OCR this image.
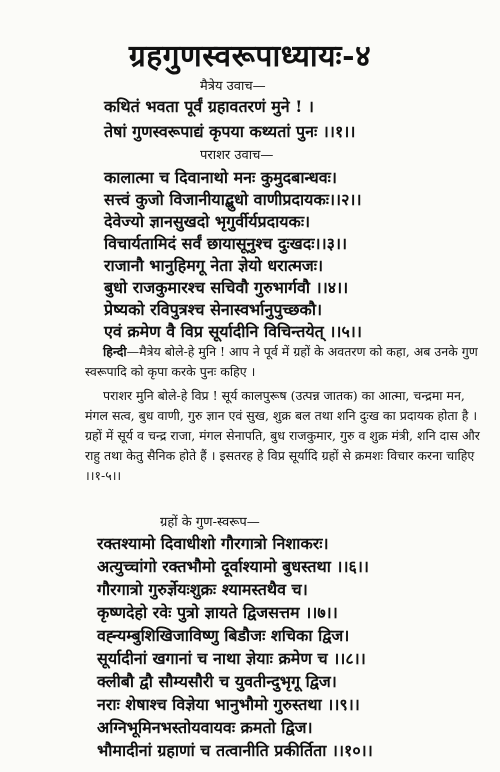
ग्रहगुणस्वरूपाध्यायः-४
मैत्रेय उवाच—
कथितं भवता पूर्वं ग्रहावतरणं मुने ! ।
तेषां गुणस्वरूपाद्यं कृपया कथ्यतां पुनः ।।१।।
पराशर उवाच—
कालात्मा च दिवानाथो मनः कुमुदबान्धवः।
सत्त्वं कुजो विजानीयाद्बुधो वाणीप्रदायकः।।२।।
देवेज्यो ज्ञानसुखदो भृगुर्वीर्यप्रदायकः।
विचार्यतामिदं सर्वं छायासूनुश्च दुःखदः।।३।।
राजानौ भानुहिमगू नेता ज्ञेयो धरात्मजः।
बुधो राजकुमारश्च सचिवौ गुरुभार्गवौ ।।४।।
प्रेष्यको रविपुत्रश्च सेनास्वर्भानुपुच्छकौ।
एवं क्रमेण वै विप्र सूर्यादीनि विचिन्तयेत् ।।५।।
हिन्दी—मैत्रेय बोले-हे मुनि ! आप ने पूर्व में ग्रहों के अवतरण को कहा, अब उनके गुण स्वरूपादि को कृपा करके पुनः कहिए ।
पराशर मुनि बोले-हे विप्र ! सूर्य कालपुरूष (उत्पन्न जातक) का आत्मा, चन्द्रमा मन, मंगल सत्व, बुध वाणी, गुरु ज्ञान एवं सुख, शुक्र बल तथा शनि दुःख का प्रदायक होता है । ग्रहों में सूर्य व चन्द्र राजा, मंगल सेनापति, बुध राजकुमार, गुरु व शुक्र मंत्री, शनि दास और राहु तथा केतु सैनिक होते हैं । इसतरह हे विप्र सूर्यादि ग्रहों से क्रमशः विचार करना चाहिए ।।१-५।।
ग्रहों के गुण-स्वरूप—
रक्तश्यामो दिवाधीशो गौरगात्रो निशाकरः।
अत्युच्चांगो रक्तभौमो दूर्वाश्यामो बुधस्तथा ।।६।।
गौरगात्रो गुरुर्ज्ञेयःशुक्रः श्यामस्तथैव च।
कृष्णदेहो रवेः पुत्रो ज्ञायते द्विजसत्तम ।।७।।
वह्न्यम्बुशिखिजाविष्णु बिडौजः शचिका द्विज।
सूर्यादीनां खगानां च नाथा ज्ञेयाः क्रमेण च ।।८।।
क्लीबौ द्वौ सौम्यसौरी च युवतीन्दुभृगू द्विज।
नराः शेषाश्च विज्ञेया भानुभौमो गुरुस्तथा ।।९।।
अग्निभूमिनभस्तोयवायवः क्रमतो द्विज।
भौमादीनां ग्रहाणां च तत्वानीति प्रकीर्तिता ।।१०।।
